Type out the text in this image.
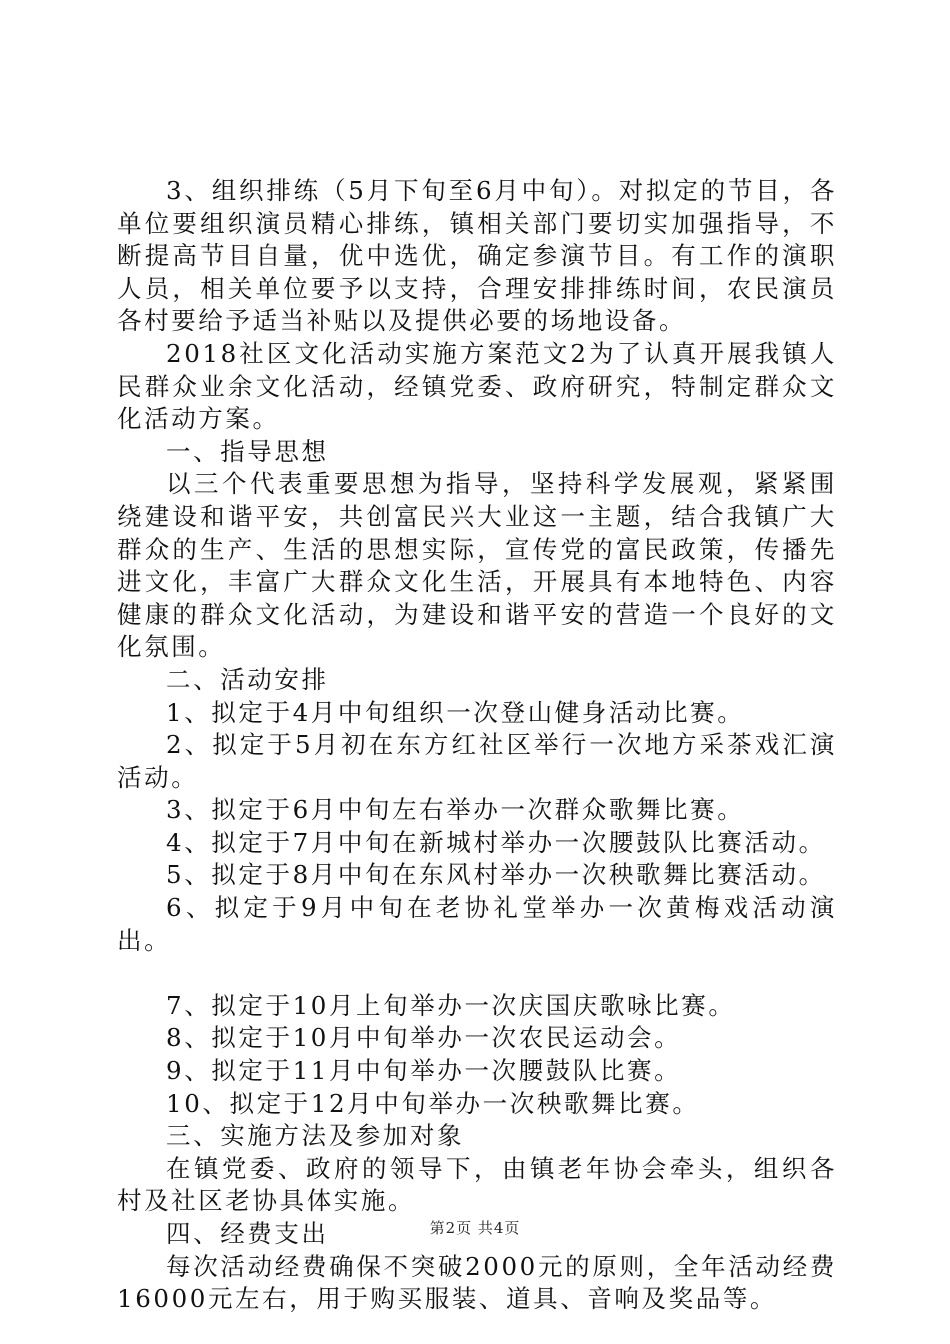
3、组织排练（5月下旬至6月中旬）。对拟定的节目，各单位要组织演员精心排练，镇相关部门要切实加强指导，不断提高节目自量，优中选优，确定参演节目。有工作的演职人员，相关单位要予以支持，合理安排排练时间，农民演员各村要给予适当补贴以及提供必要的场地设备。

2018社区文化活动实施方案范文2为了认真开展我镇人民群众业余文化活动，经镇党委、政府研究，特制定群众文化活动方案。

一、指导思想

以三个代表重要思想为指导，坚持科学发展观，紧紧围绕建设和谐平安，共创富民兴大业这一主题，结合我镇广大群众的生产、生活的思想实际，宣传党的富民政策，传播先进文化，丰富广大群众文化生活，开展具有本地特色、内容健康的群众文化活动，为建设和谐平安的营造一个良好的文化氛围。

二、活动安排

1、拟定于4月中旬组织一次登山健身活动比赛。

2、拟定于5月初在东方红社区举行一次地方采茶戏汇演活动。

3、拟定于6月中旬左右举办一次群众歌舞比赛。

4、拟定于7月中旬在新城村举办一次腰鼓队比赛活动。

5、拟定于8月中旬在东风村举办一次秧歌舞比赛活动。

6、拟定于9月中旬在老协礼堂举办一次黄梅戏活动演出。

7、拟定于10月上旬举办一次庆国庆歌咏比赛。

8、拟定于10月中旬举办一次农民运动会。

9、拟定于11月中旬举办一次腰鼓队比赛。

10、拟定于12月中旬举办一次秧歌舞比赛。

三、实施方法及参加对象

在镇党委、政府的领导下，由镇老年协会牵头，组织各村及社区老协具体实施。

四、经费支出

每次活动经费确保不突破2000元的原则，全年活动经费16000元左右，用于购买服装、道具、音响及奖品等。

第2页 共4页
